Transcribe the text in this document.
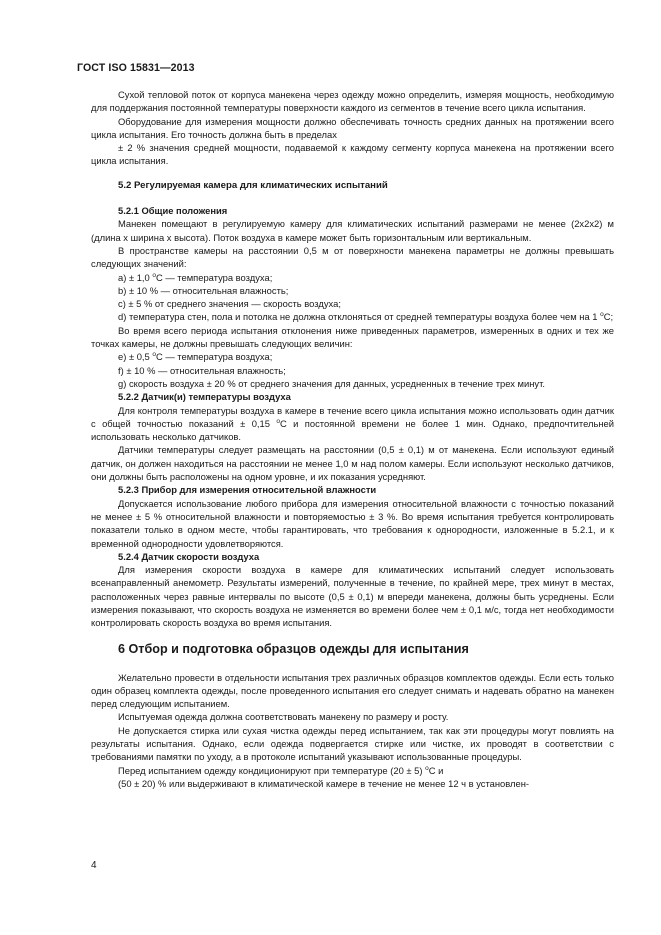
ГОСТ ISO 15831—2013

Сухой тепловой поток от корпуса манекена через одежду можно определить, измеряя мощность, необходимую для поддержания постоянной температуры поверхности каждого из сегментов в течение всего цикла испытания.

Оборудование для измерения мощности должно обеспечивать точность средних данных на протяжении всего цикла испытания. Его точность должна быть в пределах

± 2 % значения средней мощности, подаваемой к каждому сегменту корпуса манекена на протяжении всего цикла испытания.

5.2 Регулируемая камера для климатических испытаний
5.2.1 Общие положения

Манекен помещают в регулируемую камеру для климатических испытаний размерами не менее (2х2х2) м (длина х ширина х высота). Поток воздуха в камере может быть горизонтальным или вертикальным.

В пространстве камеры на расстоянии 0,5 м от поверхности манекена параметры не должны превышать следующих значений:

a) ± 1,0 $^o$C — температура воздуха;

b) ± 10 % — относительная влажность;

c) ± 5 % от среднего значения — скорость воздуха;

d) температура стен, пола и потолка не должна отклоняться от средней температуры воздуха более чем на 1 $^o$C;

Во время всего периода испытания отклонения ниже приведенных параметров, измеренных в одних и тех же точках камеры, не должны превышать следующих величин:

e) ± 0,5 $^o$C — температура воздуха;

f) ± 10 % — относительная влажность;

g) скорость воздуха ± 20 % от среднего значения для данных, усредненных в течение трех минут.

5.2.2 Датчик(и) температуры воздуха

Для контроля температуры воздуха в камере в течение всего цикла испытания можно использовать один датчик с общей точностью показаний ± 0,15 $^o$C и постоянной времени не более 1 мин. Однако, предпочтительней использовать несколько датчиков.

Датчики температуры следует размещать на расстоянии (0,5 ± 0,1) м от манекена. Если используют единый датчик, он должен находиться на расстоянии не менее 1,0 м над полом камеры. Если используют несколько датчиков, они должны быть расположены на одном уровне, и их показания усредняют.

5.2.3 Прибор для измерения относительной влажности

Допускается использование любого прибора для измерения относительной влажности с точностью показаний не менее ± 5 % относительной влажности и повторяемостью ± 3 %. Во время испытания требуется контролировать показатели только в одном месте, чтобы гарантировать, что требования к однородности, изложенные в 5.2.1, и к временной однородности удовлетворяются.

5.2.4 Датчик скорости воздуха

Для измерения скорости воздуха в камере для климатических испытаний следует использовать всенаправленный анемометр. Результаты измерений, полученные в течение, по крайней мере, трех минут в местах, расположенных через равные интервалы по высоте (0,5 ± 0,1) м впереди манекена, должны быть усреднены. Если измерения показывают, что скорость воздуха не изменяется во времени более чем ± 0,1 м/с, тогда нет необходимости контролировать скорость воздуха во время испытания.

6 Отбор и подготовка образцов одежды для испытания

Желательно провести в отдельности испытания трех различных образцов комплектов одежды. Если есть только один образец комплекта одежды, после проведенного испытания его следует снимать и надевать обратно на манекен перед следующим испытанием.

Испытуемая одежда должна соответствовать манекену по размеру и росту.

Не допускается стирка или сухая чистка одежды перед испытанием, так как эти процедуры могут повлиять на результаты испытания. Однако, если одежда подвергается стирке или чистке, их проводят в соответствии с требованиями памятки по уходу, а в протоколе испытаний указывают использованные процедуры.

Перед испытанием одежду кондиционируют при температуре (20 ± 5) $^o$C и

(50 ± 20) % или выдерживают в климатической камере в течение не менее 12 ч в установлен-

4
